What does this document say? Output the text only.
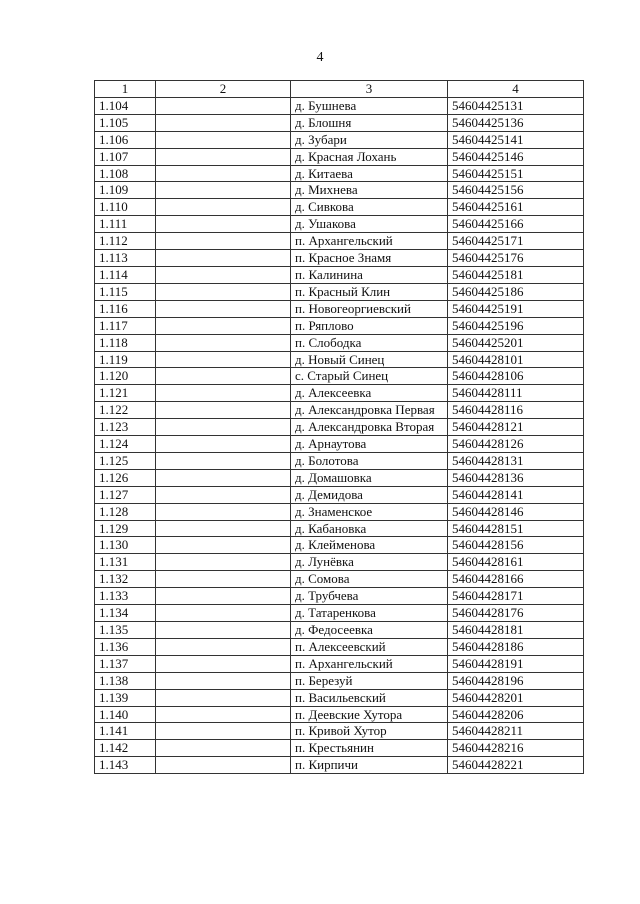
4
1	2	3	4
1.104		д. Бушнева	54604425131
1.105		д. Блошня	54604425136
1.106		д. Зубари	54604425141
1.107		д. Красная Лохань	54604425146
1.108		д. Китаева	54604425151
1.109		д. Михнева	54604425156
1.110		д. Сивкова	54604425161
1.111		д. Ушакова	54604425166
1.112		п. Архангельский	54604425171
1.113		п. Красное Знамя	54604425176
1.114		п. Калинина	54604425181
1.115		п. Красный Клин	54604425186
1.116		п. Новогеоргиевский	54604425191
1.117		п. Ряплово	54604425196
1.118		п. Слободка	54604425201
1.119		д. Новый Синец	54604428101
1.120		с. Старый Синец	54604428106
1.121		д. Алексеевка	54604428111
1.122		д. Александровка Первая	54604428116
1.123		д. Александровка Вторая	54604428121
1.124		д. Арнаутова	54604428126
1.125		д. Болотова	54604428131
1.126		д. Домашовка	54604428136
1.127		д. Демидова	54604428141
1.128		д. Знаменское	54604428146
1.129		д. Кабановка	54604428151
1.130		д. Клейменова	54604428156
1.131		д. Лунёвка	54604428161
1.132		д. Сомова	54604428166
1.133		д. Трубчева	54604428171
1.134		д. Татаренкова	54604428176
1.135		д. Федосеевка	54604428181
1.136		п. Алексеевский	54604428186
1.137		п. Архангельский	54604428191
1.138		п. Березуй	54604428196
1.139		п. Васильевский	54604428201
1.140		п. Деевские Хутора	54604428206
1.141		п. Кривой Хутор	54604428211
1.142		п. Крестьянин	54604428216
1.143		п. Кирпичи	54604428221
